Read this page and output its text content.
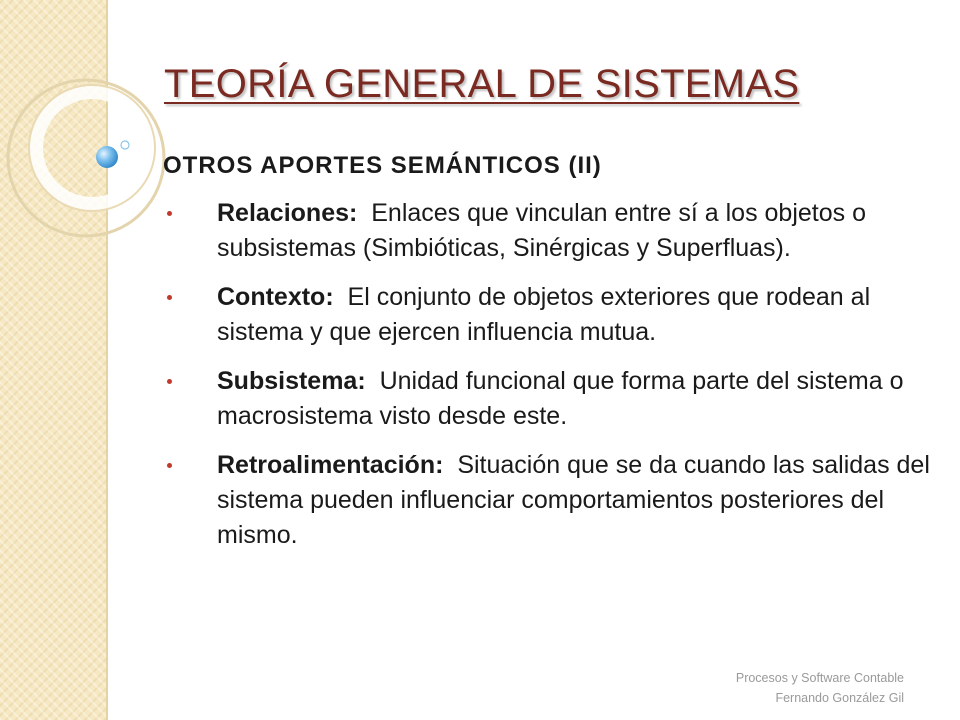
TEORÍA GENERAL DE SISTEMAS
OTROS APORTES SEMÁNTICOS (II)
Relaciones:  Enlaces que vinculan entre sí a los objetos o subsistemas (Simbióticas, Sinérgicas y Superfluas).
Contexto:  El conjunto de objetos exteriores que rodean al sistema y que ejercen influencia mutua.
Subsistema:  Unidad funcional que forma parte del sistema o macrosistema visto desde este.
Retroalimentación:  Situación que se da cuando las salidas del sistema pueden influenciar comportamientos posteriores del mismo.
Procesos y Software Contable
Fernando González Gil
